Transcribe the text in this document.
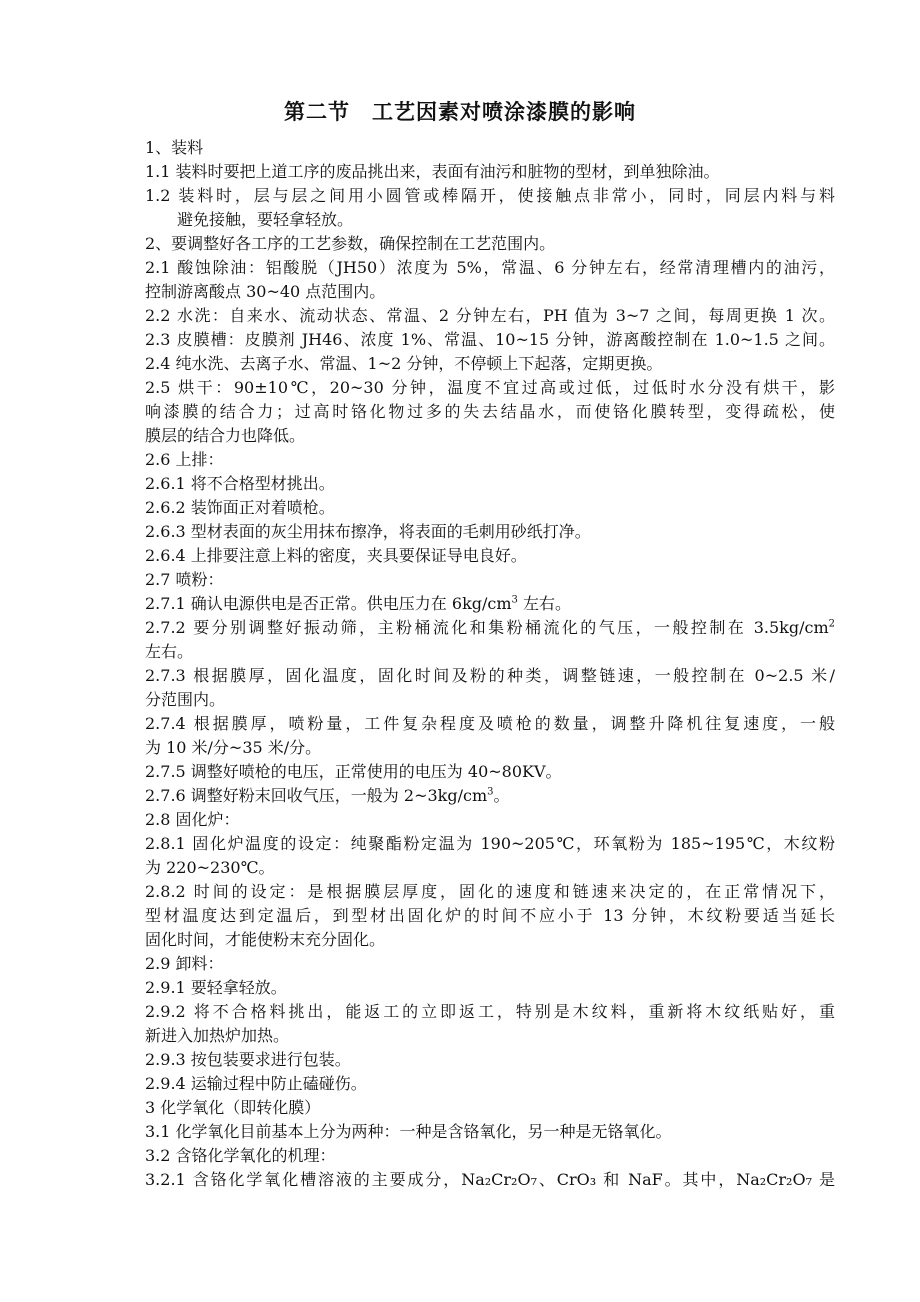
第二节 工艺因素对喷涂漆膜的影响
1、装料
1.1 装料时要把上道工序的废品挑出来，表面有油污和脏物的型材，到单独除油。
1.2 装料时，层与层之间用小圆管或棒隔开，使接触点非常小，同时，同层内料与料
避免接触，要轻拿轻放。
2、要调整好各工序的工艺参数，确保控制在工艺范围内。
2.1 酸蚀除油：铝酸脱（JH50）浓度为 5%，常温、6 分钟左右，经常清理槽内的油污，
控制游离酸点 30~40 点范围内。
2.2 水洗：自来水、流动状态、常温、2 分钟左右，PH 值为 3~7 之间，每周更换 1 次。
2.3 皮膜槽：皮膜剂 JH46、浓度 1%、常温、10~15 分钟，游离酸控制在 1.0~1.5 之间。
2.4 纯水洗、去离子水、常温、1~2 分钟，不停顿上下起落，定期更换。
2.5 烘干：90±10℃，20~30 分钟，温度不宜过高或过低，过低时水分没有烘干，影
响漆膜的结合力；过高时铬化物过多的失去结晶水，而使铬化膜转型，变得疏松，使
膜层的结合力也降低。
2.6 上排：
2.6.1 将不合格型材挑出。
2.6.2 装饰面正对着喷枪。
2.6.3 型材表面的灰尘用抹布擦净，将表面的毛刺用砂纸打净。
2.6.4 上排要注意上料的密度，夹具要保证导电良好。
2.7 喷粉：
2.7.1 确认电源供电是否正常。供电压力在 $6kg/cm^3$ 左右。
2.7.2 要分别调整好振动筛，主粉桶流化和集粉桶流化的气压，一般控制在 $3.5kg/cm^2$
左右。
2.7.3 根据膜厚，固化温度，固化时间及粉的种类，调整链速，一般控制在 0~2.5 米/
分范围内。
2.7.4 根据膜厚，喷粉量，工件复杂程度及喷枪的数量，调整升降机往复速度，一般
为 10 米/分~35 米/分。
2.7.5 调整好喷枪的电压，正常使用的电压为 40~80KV。
2.7.6 调整好粉末回收气压，一般为 $2\sim 3kg/cm^3$。
2.8 固化炉：
2.8.1 固化炉温度的设定：纯聚酯粉定温为 190~205℃，环氧粉为 185~195℃，木纹粉
为 220~230℃。
2.8.2 时间的设定：是根据膜层厚度，固化的速度和链速来决定的，在正常情况下，
型材温度达到定温后，到型材出固化炉的时间不应小于 13 分钟，木纹粉要适当延长
固化时间，才能使粉末充分固化。
2.9 卸料：
2.9.1 要轻拿轻放。
2.9.2 将不合格料挑出，能返工的立即返工，特别是木纹料，重新将木纹纸贴好，重
新进入加热炉加热。
2.9.3 按包装要求进行包装。
2.9.4 运输过程中防止磕碰伤。
3 化学氧化（即转化膜）
3.1 化学氧化目前基本上分为两种：一种是含铬氧化，另一种是无铬氧化。
3.2 含铬化学氧化的机理：
3.2.1 含铬化学氧化槽溶液的主要成分，Na₂Cr₂O₇、CrO₃ 和 NaF。其中，Na₂Cr₂O₇ 是
